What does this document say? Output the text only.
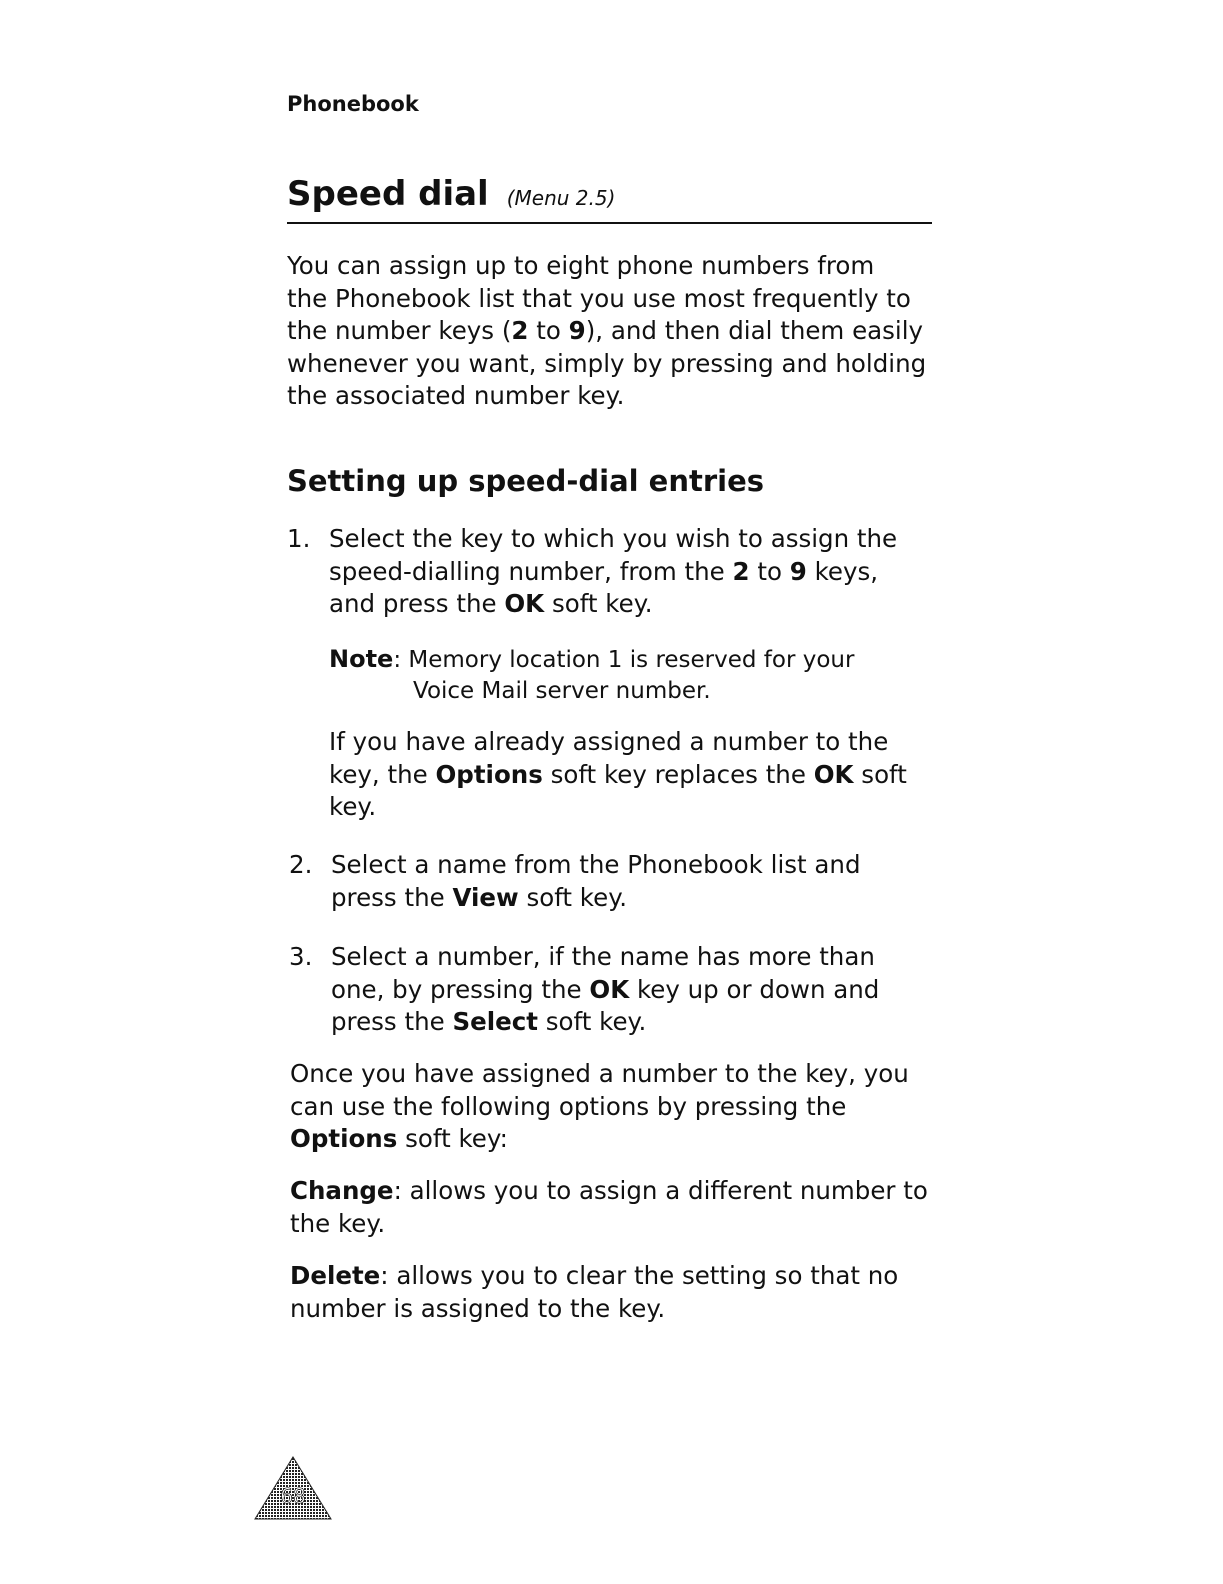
Phonebook
Speed dial (Menu 2.5)

You can assign up to eight phone numbers from

the Phonebook list that you use most frequently to

the number keys (2 to 9), and then dial them easily

whenever you want, simply by pressing and holding

the associated number key.

Setting up speed-dial entries
1. Select the key to which you wish to assign the

speed-dialling number, from the 2 to 9 keys,

and press the OK soft key.

Note: Memory location 1 is reserved for your
Voice Mail server number.

If you have already assigned a number to the

key, the Options soft key replaces the OK soft

key.

2. Select a name from the Phonebook list and

press the View soft key.

3. Select a number, if the name has more than

one, by pressing the OK key up or down and

press the Select soft key.

Once you have assigned a number to the key, you

can use the following options by pressing the

Options soft key:

Change: allows you to assign a different number to

the key.

Delete: allows you to clear the setting so that no

number is assigned to the key.

68
